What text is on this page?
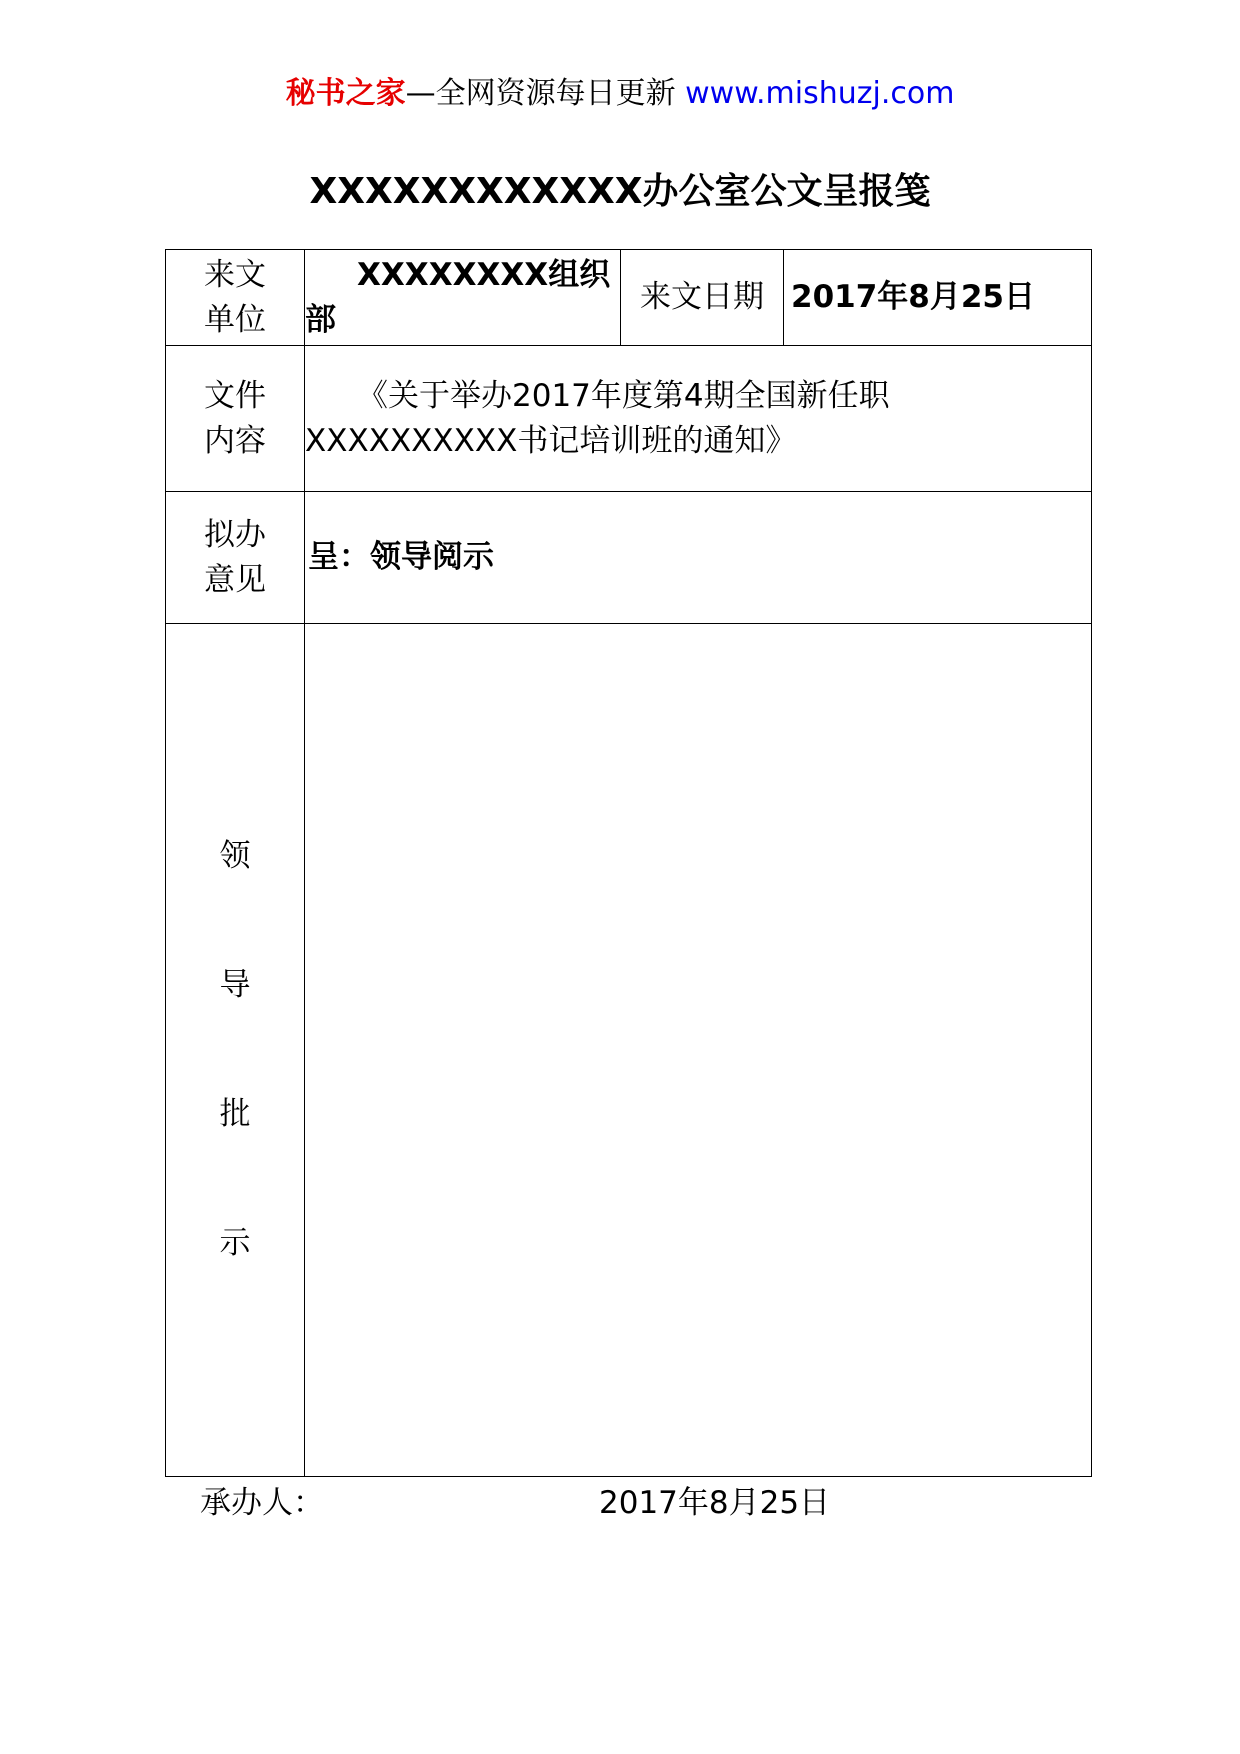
秘书之家—全网资源每日更新 www.mishuzj.com
XXXXXXXXXXXX办公室公文呈报笺
来文单位	XXXXXXXX组织部	来文日期	2017年8月25日

文件内容	《关于举办2017年度第4期全国新任职XXXXXXXXXX书记培训班的通知》		

拟办意见	呈：领导阅示		

领
导
批
示			

承办人：	2017年8月25日
